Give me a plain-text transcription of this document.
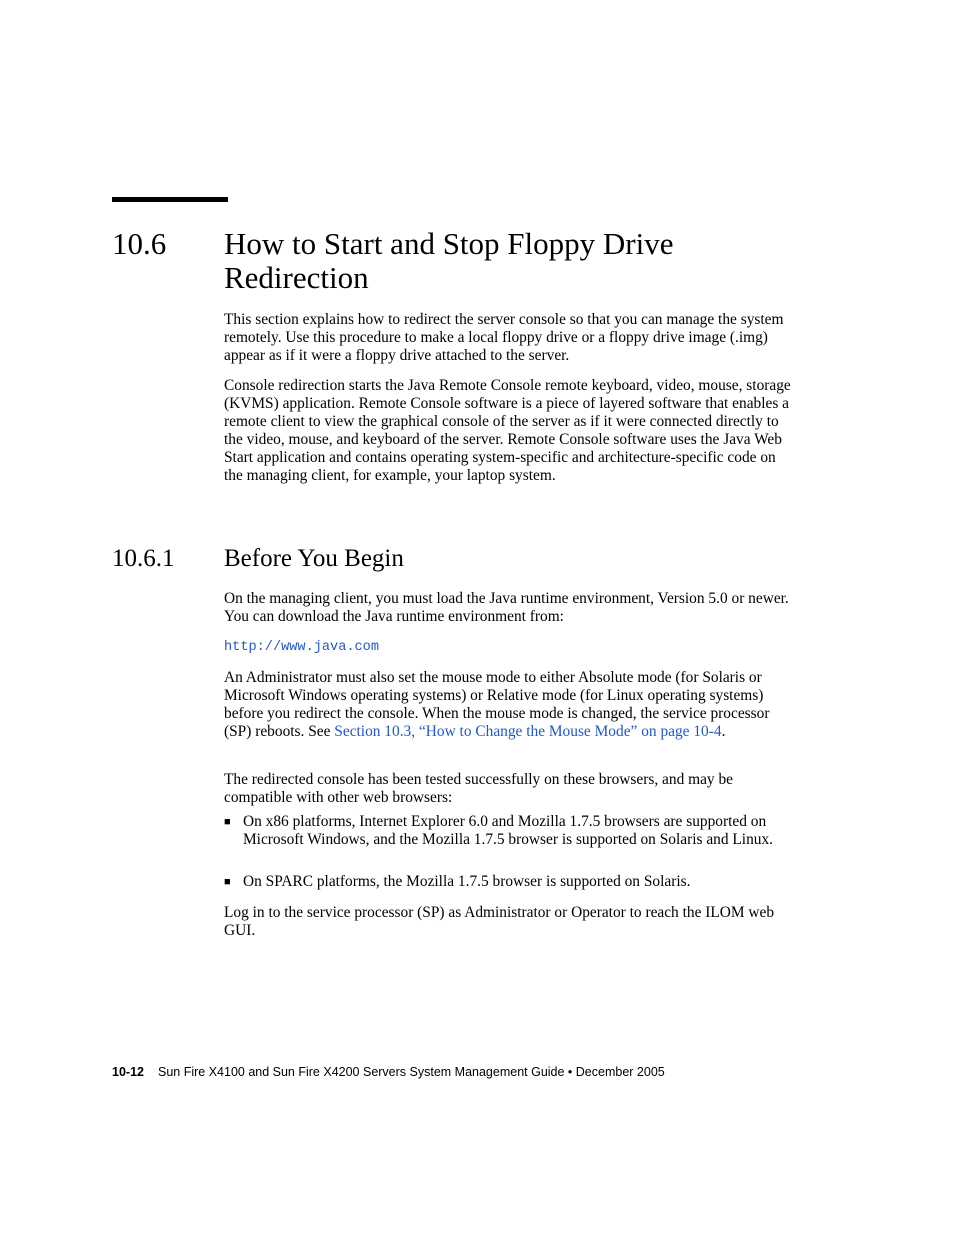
10.6 How to Start and Stop Floppy Drive Redirection

This section explains how to redirect the server console so that you can manage the system remotely. Use this procedure to make a local floppy drive or a floppy drive image (.img) appear as if it were a floppy drive attached to the server.

Console redirection starts the Java Remote Console remote keyboard, video, mouse, storage (KVMS) application. Remote Console software is a piece of layered software that enables a remote client to view the graphical console of the server as if it were connected directly to the video, mouse, and keyboard of the server. Remote Console software uses the Java Web Start application and contains operating system-specific and architecture-specific code on the managing client, for example, your laptop system.

10.6.1 Before You Begin

On the managing client, you must load the Java runtime environment, Version 5.0 or newer. You can download the Java runtime environment from:

http://www.java.com

An Administrator must also set the mouse mode to either Absolute mode (for Solaris or Microsoft Windows operating systems) or Relative mode (for Linux operating systems) before you redirect the console. When the mouse mode is changed, the service processor (SP) reboots. See Section 10.3, “How to Change the Mouse Mode” on page 10-4.

The redirected console has been tested successfully on these browsers, and may be compatible with other web browsers:

■ On x86 platforms, Internet Explorer 6.0 and Mozilla 1.7.5 browsers are supported on Microsoft Windows, and the Mozilla 1.7.5 browser is supported on Solaris and Linux.
■ On SPARC platforms, the Mozilla 1.7.5 browser is supported on Solaris.

Log in to the service processor (SP) as Administrator or Operator to reach the ILOM web GUI.

10-12 Sun Fire X4100 and Sun Fire X4200 Servers System Management Guide • December 2005
